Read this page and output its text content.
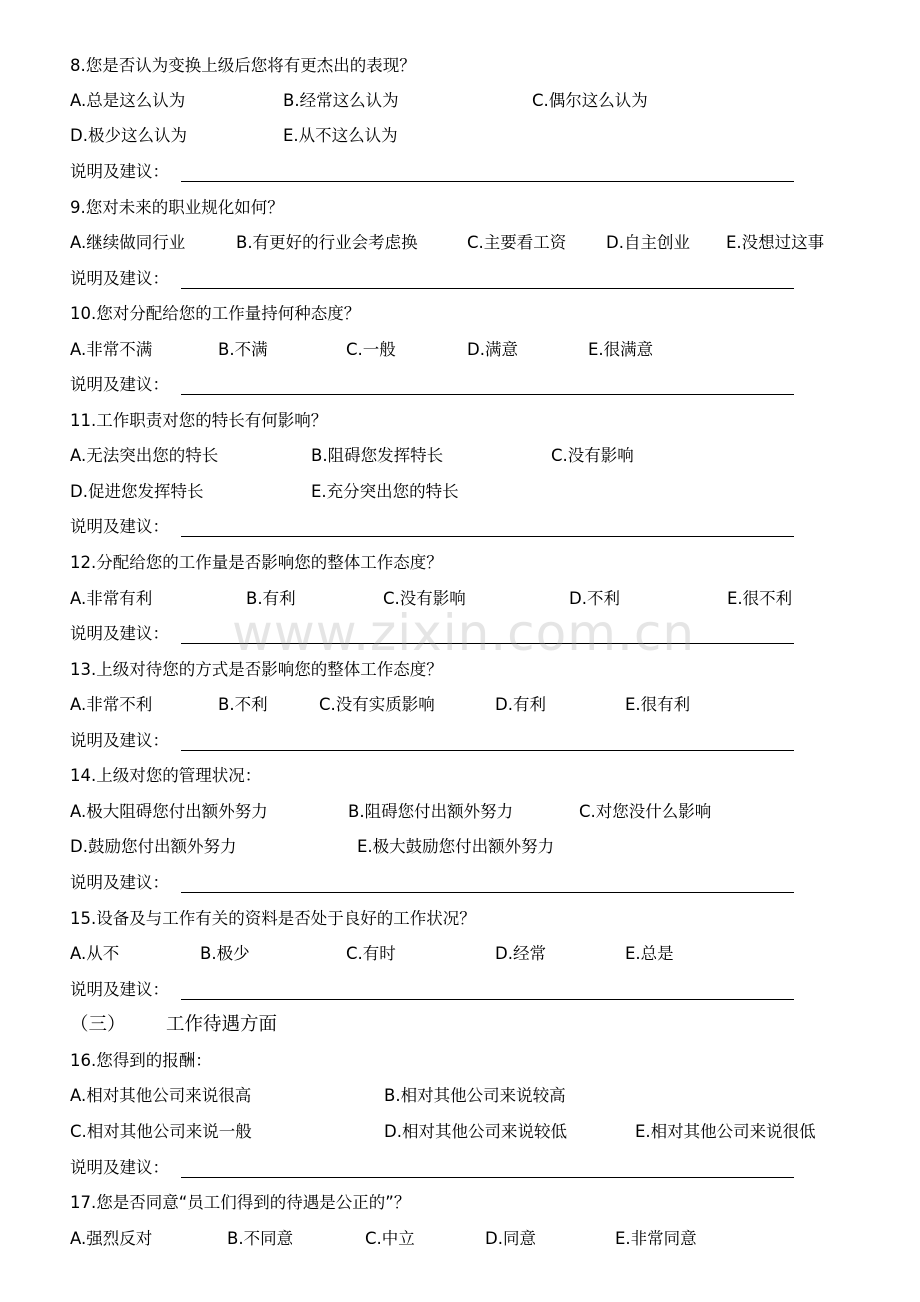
8.您是否认为变换上级后您将有更杰出的表现？
A.总是这么认为	B.经常这么认为	C.偶尔这么认为
D.极少这么认为	E.从不这么认为
说明及建议：
9.您对未来的职业规化如何？
A.继续做同行业	B.有更好的行业会考虑换	C.主要看工资 D.自主创业 E.没想过这事
说明及建议：
10.您对分配给您的工作量持何种态度？
A.非常不满	B.不满	C.一般	D.满意	E.很满意
说明及建议：
11.工作职责对您的特长有何影响？
A.无法突出您的特长	B.阻碍您发挥特长	C.没有影响
D.促进您发挥特长	E.充分突出您的特长
说明及建议：
12.分配给您的工作量是否影响您的整体工作态度？
A.非常有利	B.有利	C.没有影响	D.不利	E.很不利
说明及建议：
13.上级对待您的方式是否影响您的整体工作态度？
A.非常不利	B.不利	C.没有实质影响	D.有利	E.很有利
说明及建议：
14.上级对您的管理状况：
A.极大阻碍您付出额外努力	B.阻碍您付出额外努力	C.对您没什么影响
D.鼓励您付出额外努力	E.极大鼓励您付出额外努力
说明及建议：
15.设备及与工作有关的资料是否处于良好的工作状况？
A.从不	B.极少	C.有时	D.经常	E.总是
说明及建议：
（三） 工作待遇方面
16.您得到的报酬：
A.相对其他公司来说很高	B.相对其他公司来说较高
C.相对其他公司来说一般	D.相对其他公司来说较低	E.相对其他公司来说很低
说明及建议：
17.您是否同意“员工们得到的待遇是公正的”？
A.强烈反对	B.不同意	C.中立	D.同意	E.非常同意
www.zixin.com.cn
